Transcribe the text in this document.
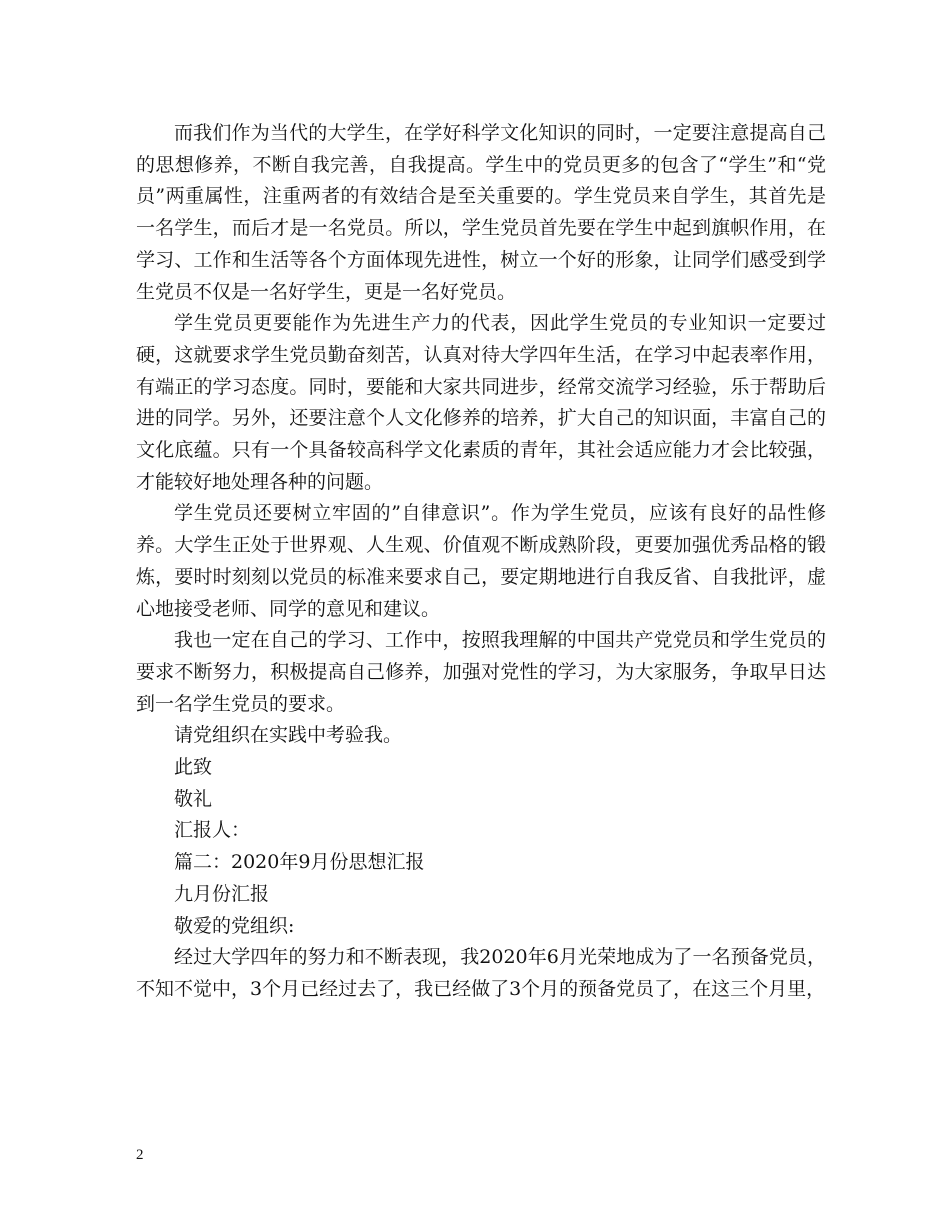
而我们作为当代的大学生，在学好科学文化知识的同时，一定要注意提高自己的思想修养，不断自我完善，自我提高。学生中的党员更多的包含了“学生”和“党员”两重属性，注重两者的有效结合是至关重要的。学生党员来自学生，其首先是一名学生，而后才是一名党员。所以，学生党员首先要在学生中起到旗帜作用，在学习、工作和生活等各个方面体现先进性，树立一个好的形象，让同学们感受到学生党员不仅是一名好学生，更是一名好党员。

学生党员更要能作为先进生产力的代表，因此学生党员的专业知识一定要过硬，这就要求学生党员勤奋刻苦，认真对待大学四年生活，在学习中起表率作用，有端正的学习态度。同时，要能和大家共同进步，经常交流学习经验，乐于帮助后进的同学。另外，还要注意个人文化修养的培养，扩大自己的知识面，丰富自己的文化底蕴。只有一个具备较高科学文化素质的青年，其社会适应能力才会比较强，才能较好地处理各种的问题。

学生党员还要树立牢固的”自律意识”。作为学生党员，应该有良好的品性修养。大学生正处于世界观、人生观、价值观不断成熟阶段，更要加强优秀品格的锻炼，要时时刻刻以党员的标准来要求自己，要定期地进行自我反省、自我批评，虚心地接受老师、同学的意见和建议。

我也一定在自己的学习、工作中，按照我理解的中国共产党党员和学生党员的要求不断努力，积极提高自己修养，加强对党性的学习，为大家服务，争取早日达到一名学生党员的要求。

请党组织在实践中考验我。

此致

敬礼

汇报人：

篇二：2020年9月份思想汇报

九月份汇报

敬爱的党组织:

经过大学四年的努力和不断表现，我2020年6月光荣地成为了一名预备党员，不知不觉中，3个月已经过去了，我已经做了3个月的预备党员了，在这三个月里，

2
